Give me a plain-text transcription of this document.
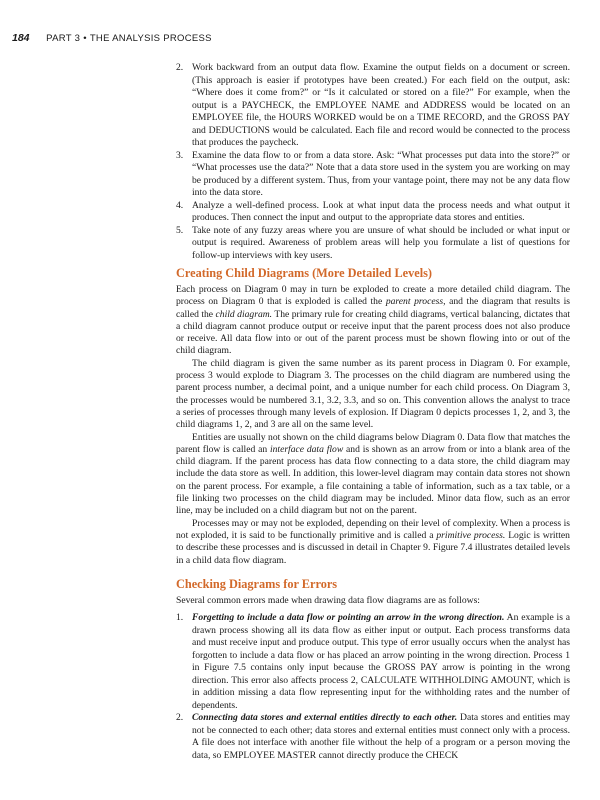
184 PART 3 • THE ANALYSIS PROCESS
2. Work backward from an output data flow. Examine the output fields on a document or screen. (This approach is easier if prototypes have been created.) For each field on the output, ask: “Where does it come from?” or “Is it calculated or stored on a file?” For example, when the output is a PAYCHECK, the EMPLOYEE NAME and ADDRESS would be located on an EMPLOYEE file, the HOURS WORKED would be on a TIME RECORD, and the GROSS PAY and DEDUCTIONS would be calculated. Each file and record would be connected to the process that produces the paycheck.
3. Examine the data flow to or from a data store. Ask: “What processes put data into the store?” or “What processes use the data?” Note that a data store used in the system you are working on may be produced by a different system. Thus, from your vantage point, there may not be any data flow into the data store.
4. Analyze a well-defined process. Look at what input data the process needs and what output it produces. Then connect the input and output to the appropriate data stores and entities.
5. Take note of any fuzzy areas where you are unsure of what should be included or what input or output is required. Awareness of problem areas will help you formulate a list of questions for follow-up interviews with key users.
Creating Child Diagrams (More Detailed Levels)

Each process on Diagram 0 may in turn be exploded to create a more detailed child diagram. The process on Diagram 0 that is exploded is called the parent process, and the diagram that results is called the child diagram. The primary rule for creating child diagrams, vertical balancing, dictates that a child diagram cannot produce output or receive input that the parent process does not also produce or receive. All data flow into or out of the parent process must be shown flowing into or out of the child diagram.

The child diagram is given the same number as its parent process in Diagram 0. For example, process 3 would explode to Diagram 3. The processes on the child diagram are numbered using the parent process number, a decimal point, and a unique number for each child process. On Diagram 3, the processes would be numbered 3.1, 3.2, 3.3, and so on. This convention allows the analyst to trace a series of processes through many levels of explosion. If Diagram 0 depicts processes 1, 2, and 3, the child diagrams 1, 2, and 3 are all on the same level.

Entities are usually not shown on the child diagrams below Diagram 0. Data flow that matches the parent flow is called an interface data flow and is shown as an arrow from or into a blank area of the child diagram. If the parent process has data flow connecting to a data store, the child diagram may include the data store as well. In addition, this lower-level diagram may contain data stores not shown on the parent process. For example, a file containing a table of information, such as a tax table, or a file linking two processes on the child diagram may be included. Minor data flow, such as an error line, may be included on a child diagram but not on the parent.

Processes may or may not be exploded, depending on their level of complexity. When a process is not exploded, it is said to be functionally primitive and is called a primitive process. Logic is written to describe these processes and is discussed in detail in Chapter 9. Figure 7.4 illustrates detailed levels in a child data flow diagram.

Checking Diagrams for Errors

Several common errors made when drawing data flow diagrams are as follows:

1. Forgetting to include a data flow or pointing an arrow in the wrong direction. An example is a drawn process showing all its data flow as either input or output. Each process transforms data and must receive input and produce output. This type of error usually occurs when the analyst has forgotten to include a data flow or has placed an arrow pointing in the wrong direction. Process 1 in Figure 7.5 contains only input because the GROSS PAY arrow is pointing in the wrong direction. This error also affects process 2, CALCULATE WITHHOLDING AMOUNT, which is in addition missing a data flow representing input for the withholding rates and the number of dependents.
2. Connecting data stores and external entities directly to each other. Data stores and entities may not be connected to each other; data stores and external entities must connect only with a process. A file does not interface with another file without the help of a program or a person moving the data, so EMPLOYEE MASTER cannot directly produce the CHECK
